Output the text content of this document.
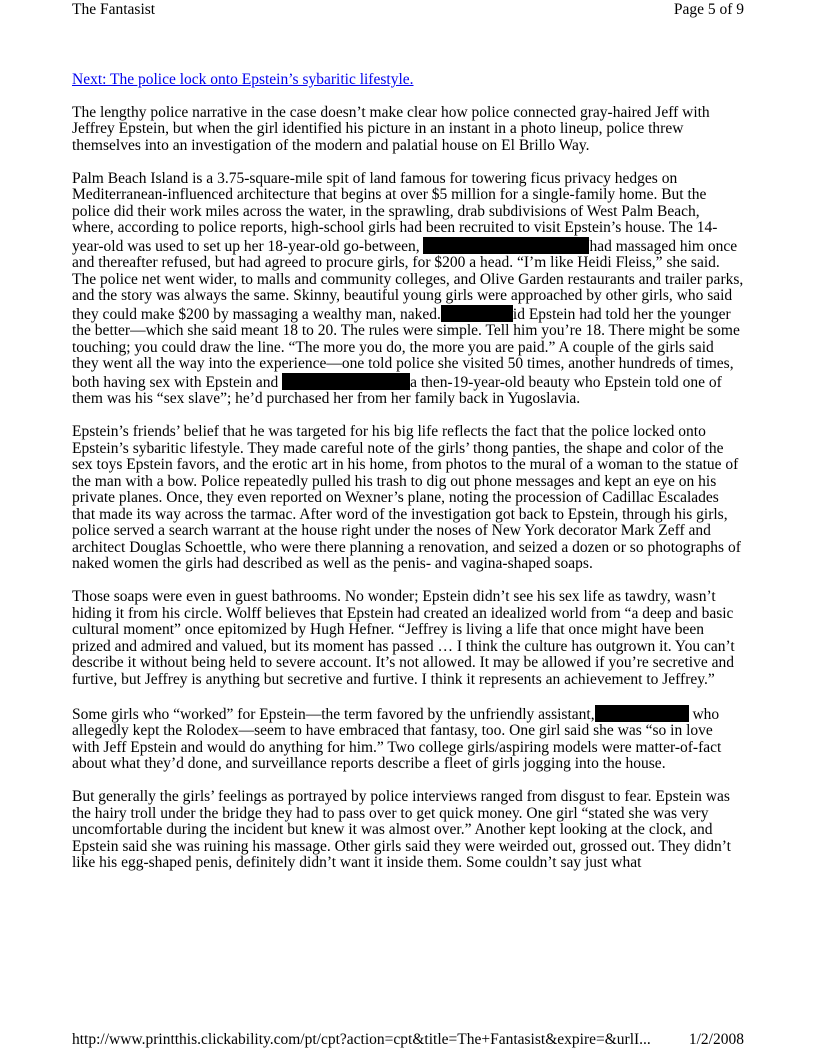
The Fantasist	Page 5 of 9
Next: The police lock onto Epstein’s sybaritic lifestyle.

The lengthy police narrative in the case doesn’t make clear how police connected gray-haired Jeff with Jeffrey Epstein, but when the girl identified his picture in an instant in a photo lineup, police threw themselves into an investigation of the modern and palatial house on El Brillo Way.

Palm Beach Island is a 3.75-square-mile spit of land famous for towering ficus privacy hedges on Mediterranean-influenced architecture that begins at over $5 million for a single-family home. But the police did their work miles across the water, in the sprawling, drab subdivisions of West Palm Beach, where, according to police reports, high-school girls had been recruited to visit Epstein’s house. The 14-year-old was used to set up her 18-year-old go-between,	had massaged him once and thereafter refused, but had agreed to procure girls, for $200 a head. “I’m like Heidi Fleiss,” she said. The police net went wider, to malls and community colleges, and Olive Garden restaurants and trailer parks, and the story was always the same. Skinny, beautiful young girls were approached by other girls, who said they could make $200 by massaging a wealthy man, naked.	id Epstein had told her the younger the better—which she said meant 18 to 20. The rules were simple. Tell him you’re 18. There might be some touching; you could draw the line. “The more you do, the more you are paid.” A couple of the girls said they went all the way into the experience—one told police she visited 50 times, another hundreds of times, both having sex with Epstein and	a then-19-year-old beauty who Epstein told one of them was his “sex slave”; he’d purchased her from her family back in Yugoslavia.

Epstein’s friends’ belief that he was targeted for his big life reflects the fact that the police locked onto Epstein’s sybaritic lifestyle. They made careful note of the girls’ thong panties, the shape and color of the sex toys Epstein favors, and the erotic art in his home, from photos to the mural of a woman to the statue of the man with a bow. Police repeatedly pulled his trash to dig out phone messages and kept an eye on his private planes. Once, they even reported on Wexner’s plane, noting the procession of Cadillac Escalades that made its way across the tarmac. After word of the investigation got back to Epstein, through his girls, police served a search warrant at the house right under the noses of New York decorator Mark Zeff and architect Douglas Schoettle, who were there planning a renovation, and seized a dozen or so photographs of naked women the girls had described as well as the penis- and vagina-shaped soaps.

Those soaps were even in guest bathrooms. No wonder; Epstein didn’t see his sex life as tawdry, wasn’t hiding it from his circle. Wolff believes that Epstein had created an idealized world from “a deep and basic cultural moment” once epitomized by Hugh Hefner. “Jeffrey is living a life that once might have been prized and admired and valued, but its moment has passed … I think the culture has outgrown it. You can’t describe it without being held to severe account. It’s not allowed. It may be allowed if you’re secretive and furtive, but Jeffrey is anything but secretive and furtive. I think it represents an achievement to Jeffrey.”

Some girls who “worked” for Epstein—the term favored by the unfriendly assistant,	who allegedly kept the Rolodex—seem to have embraced that fantasy, too. One girl said she was “so in love with Jeff Epstein and would do anything for him.” Two college girls/aspiring models were matter-of-fact about what they’d done, and surveillance reports describe a fleet of girls jogging into the house.

But generally the girls’ feelings as portrayed by police interviews ranged from disgust to fear. Epstein was the hairy troll under the bridge they had to pass over to get quick money. One girl “stated she was very uncomfortable during the incident but knew it was almost over.” Another kept looking at the clock, and Epstein said she was ruining his massage. Other girls said they were weirded out, grossed out. They didn’t like his egg-shaped penis, definitely didn’t want it inside them. Some couldn’t say just what

http://www.printthis.clickability.com/pt/cpt?action=cpt&title=The+Fantasist&expire=&urlI... 1/2/2008
